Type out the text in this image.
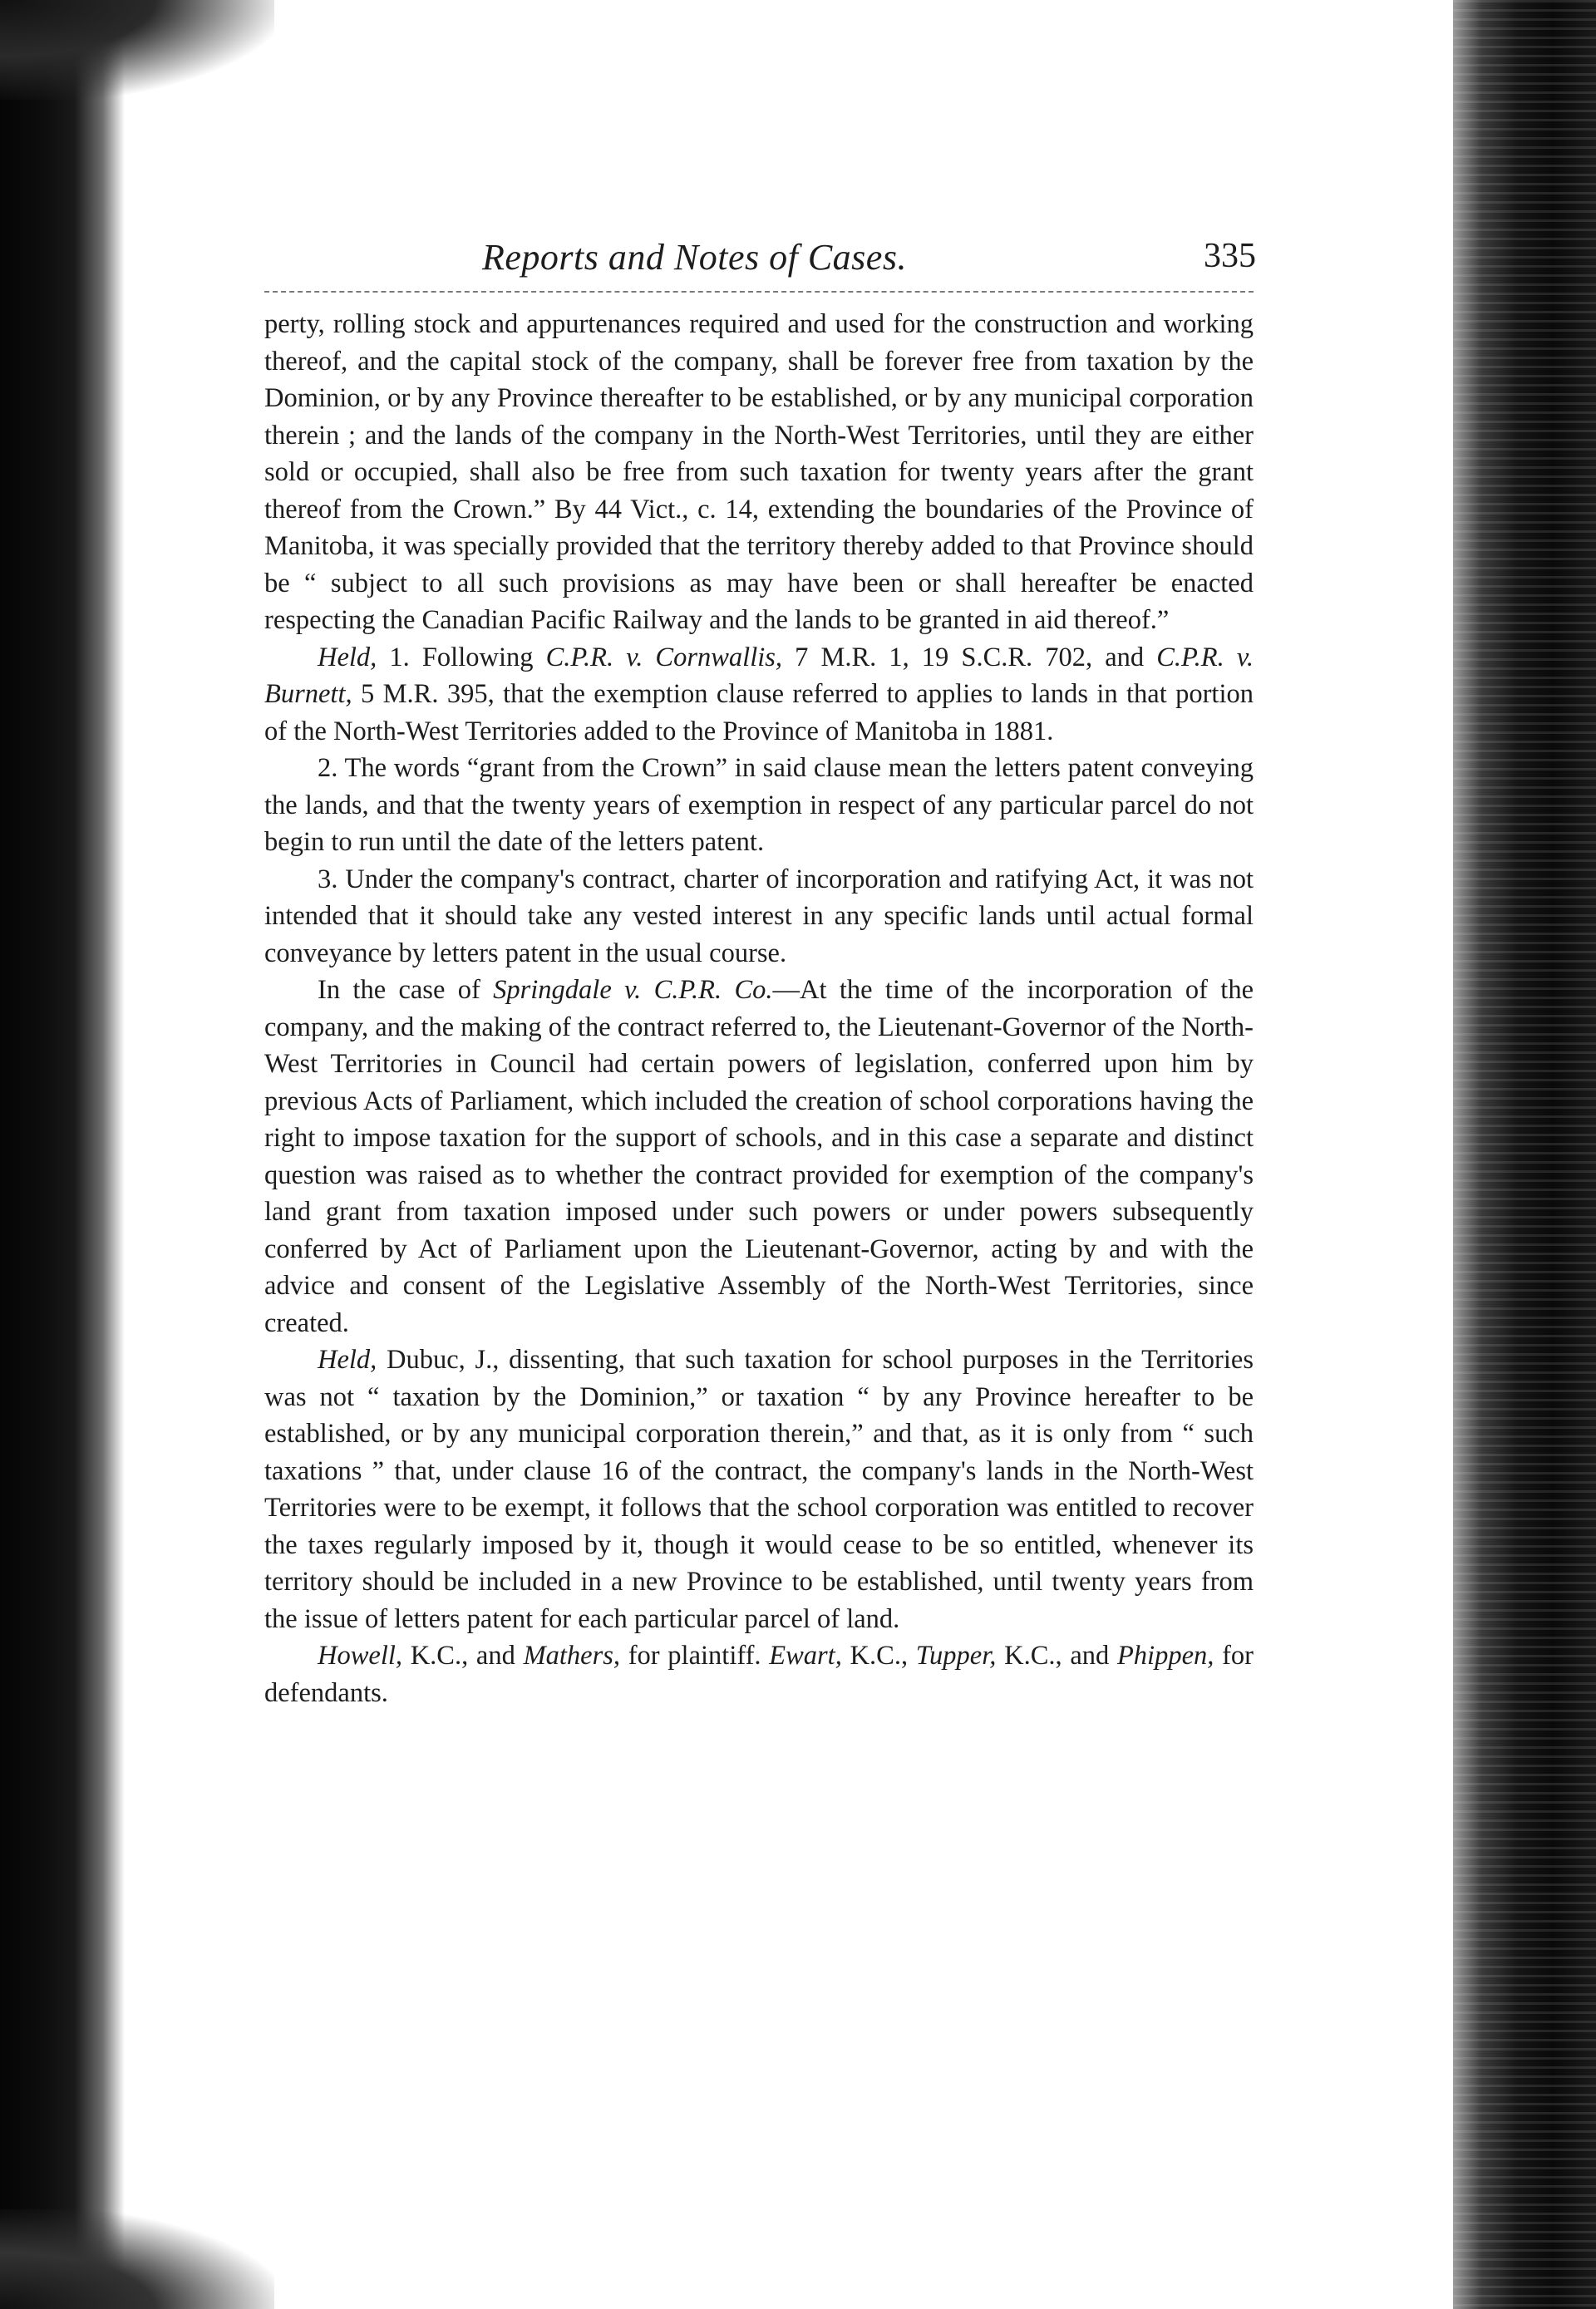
Reports and Notes of Cases.	335

perty, rolling stock and appurtenances required and used for the construction and working thereof, and the capital stock of the company, shall be forever free from taxation by the Dominion, or by any Province thereafter to be established, or by any municipal corporation therein ; and the lands of the company in the North-West Territories, until they are either sold or occupied, shall also be free from such taxation for twenty years after the grant thereof from the Crown.” By 44 Vict., c. 14, extending the boundaries of the Province of Manitoba, it was specially provided that the territory thereby added to that Province should be “ subject to all such provisions as may have been or shall hereafter be enacted respecting the Canadian Pacific Railway and the lands to be granted in aid thereof.”

Held, 1. Following C.P.R. v. Cornwallis, 7 M.R. 1, 19 S.C.R. 702, and C.P.R. v. Burnett, 5 M.R. 395, that the exemption clause referred to applies to lands in that portion of the North-West Territories added to the Province of Manitoba in 1881.

2. The words “grant from the Crown” in said clause mean the letters patent conveying the lands, and that the twenty years of exemption in respect of any particular parcel do not begin to run until the date of the letters patent.

3. Under the company's contract, charter of incorporation and ratifying Act, it was not intended that it should take any vested interest in any specific lands until actual formal conveyance by letters patent in the usual course.

In the case of Springdale v. C.P.R. Co.—At the time of the incorporation of the company, and the making of the contract referred to, the Lieutenant-Governor of the North-West Territories in Council had certain powers of legislation, conferred upon him by previous Acts of Parliament, which included the creation of school corporations having the right to impose taxation for the support of schools, and in this case a separate and distinct question was raised as to whether the contract provided for exemption of the company's land grant from taxation imposed under such powers or under powers subsequently conferred by Act of Parliament upon the Lieutenant-Governor, acting by and with the advice and consent of the Legislative Assembly of the North-West Territories, since created.

Held, Dubuc, J., dissenting, that such taxation for school purposes in the Territories was not “ taxation by the Dominion,” or taxation “ by any Province hereafter to be established, or by any municipal corporation therein,” and that, as it is only from “ such taxations ” that, under clause 16 of the contract, the company's lands in the North-West Territories were to be exempt, it follows that the school corporation was entitled to recover the taxes regularly imposed by it, though it would cease to be so entitled, whenever its territory should be included in a new Province to be established, until twenty years from the issue of letters patent for each particular parcel of land.

Howell, K.C., and Mathers, for plaintiff. Ewart, K.C., Tupper, K.C., and Phippen, for defendants.
